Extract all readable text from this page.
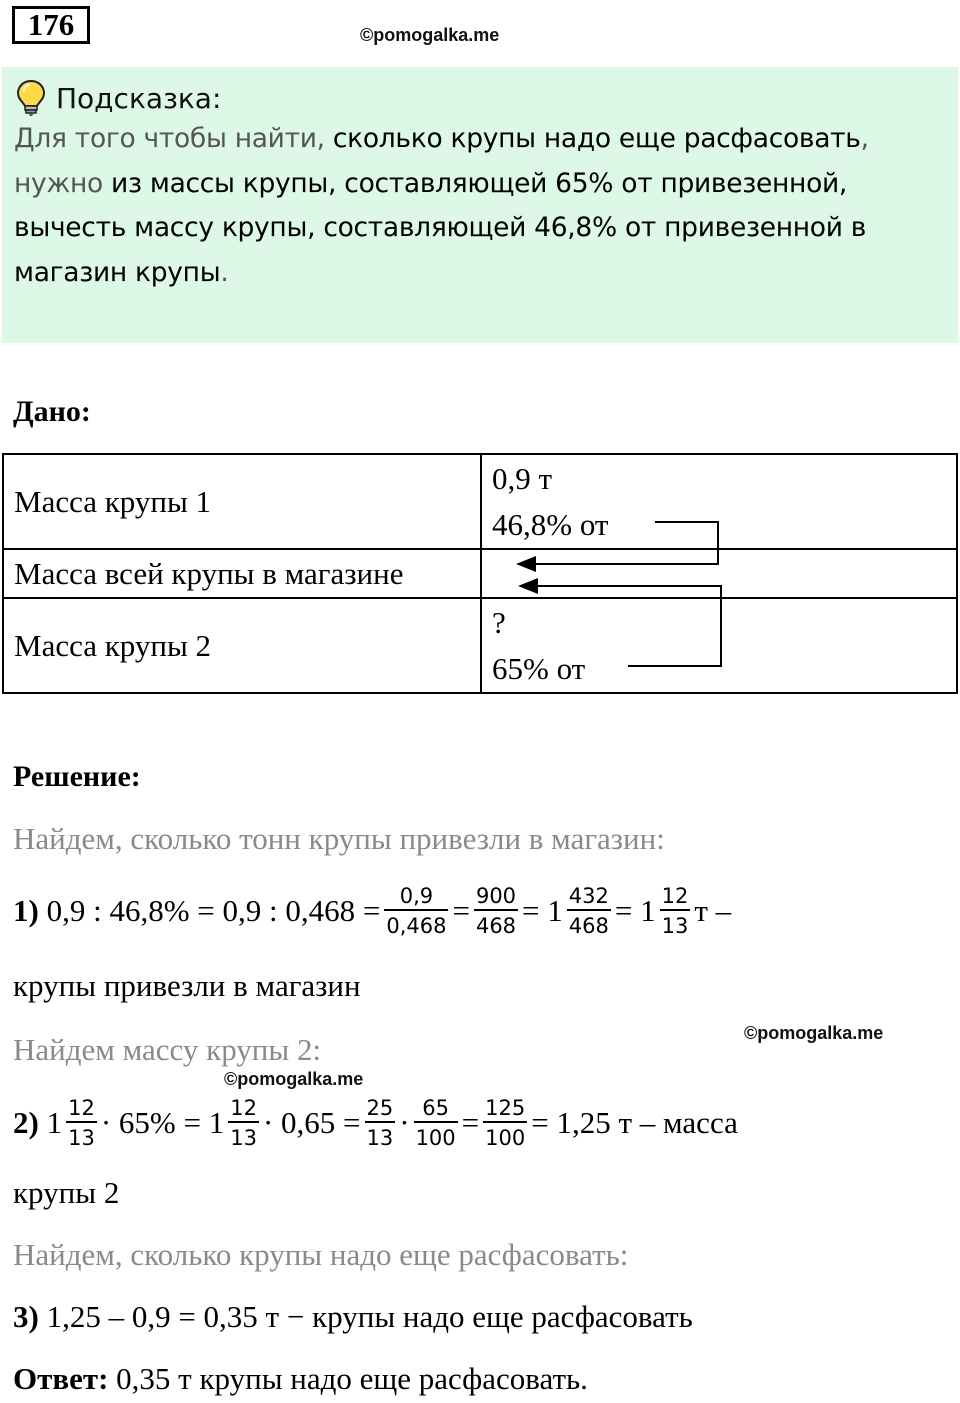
176	©pomogalka.me
Подсказка:
Для того чтобы найти, сколько крупы надо еще расфасовать,
нужно из массы крупы, составляющей 65% от привезенной,
вычесть массу крупы, составляющей 46,8% от привезенной в
магазин крупы.
Дано:
Масса крупы 1	0,9 т
46,8% от

Масса всей крупы в магазине	
Масса крупы 2	?
65% от
Решение:
Найдем, сколько тонн крупы привезли в магазин:
1)
0,9 : 46,8% = 0,9 : $0,468 = \frac{0,9}{0,468} = \frac{900}{468} = 1 \frac{432}{468} = 1 \frac{12}{13}$ т –
крупы привезли в магазин
©pomogalka.me
Найдем массу крупы 2:
©pomogalka.me
2)
$1 \frac{12}{13} \cdot 65\% = 1 \frac{12}{13} \cdot 0,65 = \frac{25}{13} \cdot \frac{65}{100} = \frac{125}{100} = 1,25$ т – масса
крупы 2
Найдем, сколько крупы надо еще расфасовать:
3) 1,25 – 0,9 = 0,35 т − крупы надо еще расфасовать
Ответ: 0,35 т крупы надо еще расфасовать.
